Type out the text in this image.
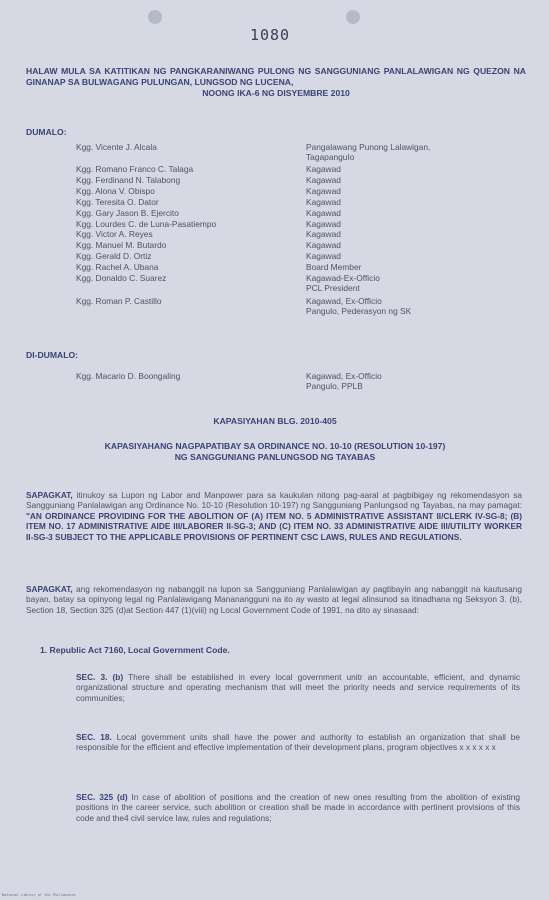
1080
HALAW MULA SA KATITIKAN NG PANGKARANIWANG PULONG NG SANGGUNIANG PANLALAWIGAN NG QUEZON NA GINANAP SA BULWAGANG PULUNGAN, LUNGSOD NG LUCENA,
NOONG IKA-6 NG DISYEMBRE 2010
DUMALO:
Kgg. Vicente J. Alcala	Pangalawang Punong Lalawigan,
TagapanguIo
Kgg. Romano Franco C. Talaga	Kagawad
Kgg. Ferdinand N. Talabong	Kagawad
Kgg. Alona V. Obispo	Kagawad
Kgg. Teresita O. Dator	Kagawad
Kgg. Gary Jason B. Ejercito	Kagawad
Kgg. Lourdes C. de Luna-Pasatiempo	Kagawad
Kgg. Victor A. Reyes	Kagawad
Kgg. Manuel M. Butardo	Kagawad
Kgg. Gerald D. Ortiz	Kagawad
Kgg. Rachel A. Ubana	Board Member
Kgg. Donaldo C. Suarez	Kagawad-Ex-Officio
PCL President
Kgg. Roman P. Castillo	Kagawad, Ex-Officio
Pangulo, Pederasyon ng SK
DI-DUMALO:
Kgg. Macario D. Boongaling	Kagawad, Ex-Officio
Pangulo, PPLB
KAPASIYAHAN BLG. 2010-405
KAPASIYAHANG NAGPAPATIBAY SA ORDINANCE NO. 10-10 (RESOLUTION 10-197)
NG SANGGUNIANG PANLUNGSOD NG TAYABAS
SAPAGKAT, itinukoy sa Lupon ng Labor and Manpower para sa kaukulan nitong pag-aaral at pagbibigay ng rekomendasyon sa Sangguniang Panlalawigan ang Ordinance No. 10-10 (Resolution 10-197) ng Sangguniang Panlungsod ng Tayabas, na may pamagat: "AN ORDINANCE PROVIDING FOR THE ABOLITION OF (A) ITEM NO. 5 ADMINISTRATIVE ASSISTANT II/CLERK IV-SG-8; (B) ITEM NO. 17 ADMINISTRATIVE AIDE III/LABORER II-SG-3; AND (C) ITEM NO. 33 ADMINISTRATIVE AIDE III/UTILITY WORKER II-SG-3 SUBJECT TO THE APPLICABLE PROVISIONS OF PERTINENT CSC LAWS, RULES AND REGULATIONS.
SAPAGKAT, ang rekomendasyon ng nabanggit na lupon sa Sangguniang Panlalawigan ay pagtibayin ang nabanggit na kautusang bayan, batay sa opinyong legal ng Panlalawigang Mananangguni na ito ay wasto at legal alinsunod sa itinadhana ng Seksyon 3. (b), Section 18, Section 325 (d)at Section 447 (1)(viii) ng Local Government Code of 1991, na dito ay sinasaad:
1. Republic Act 7160, Local Government Code.
SEC. 3. (b) There shall be established in every local government unitr an accountable, efficient, and dynamic organizational structure and operating mechanism that will meet the priority needs and service requirements of its communities;
SEC. 18. Local government units shall have the power and authority to establish an organization that shall be responsible for the efficient and effective implementation of their development plans, program objectives x x x x x x
SEC. 325 (d) In case of abolition of positions and the creation of new ones resulting from the abolition of existing positions in the career service, such abolition or creation shall be made in accordance with pertinent provisions of this code and the4 civil service law, rules and regulations;
National Library of the Philippines
